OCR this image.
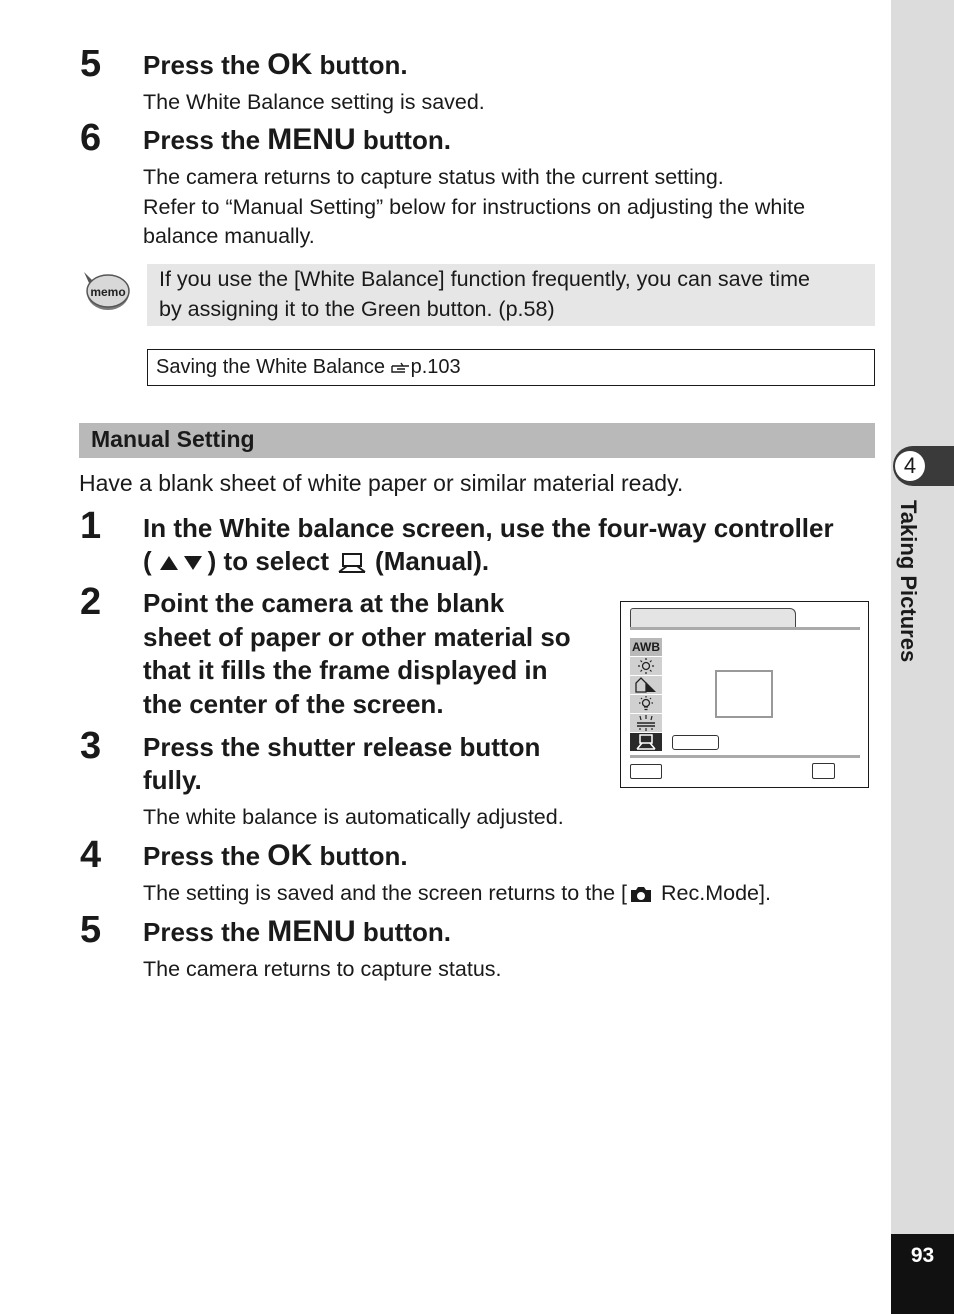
4
Taking Pictures
93
5 Press the OK button.
The White Balance setting is saved.
6 Press the MENU button.
The camera returns to capture status with the current setting.
Refer to “Manual Setting” below for instructions on adjusting the white
balance manually.
memo
If you use the [White Balance] function frequently, you can save time
by assigning it to the Green button. (p.58)
Saving the White Balance p.103
Manual Setting
Have a blank sheet of white paper or similar material ready.
1 In the White balance screen, use the four-way controller
( ) to select (Manual).
2 Point the camera at the blank
sheet of paper or other material so
that it fills the frame displayed in
the center of the screen.
3 Press the shutter release button
fully.
The white balance is automatically adjusted.
4 Press the OK button.
The setting is saved and the screen returns to the [ Rec.Mode].
5 Press the MENU button.
The camera returns to capture status.
AWB
